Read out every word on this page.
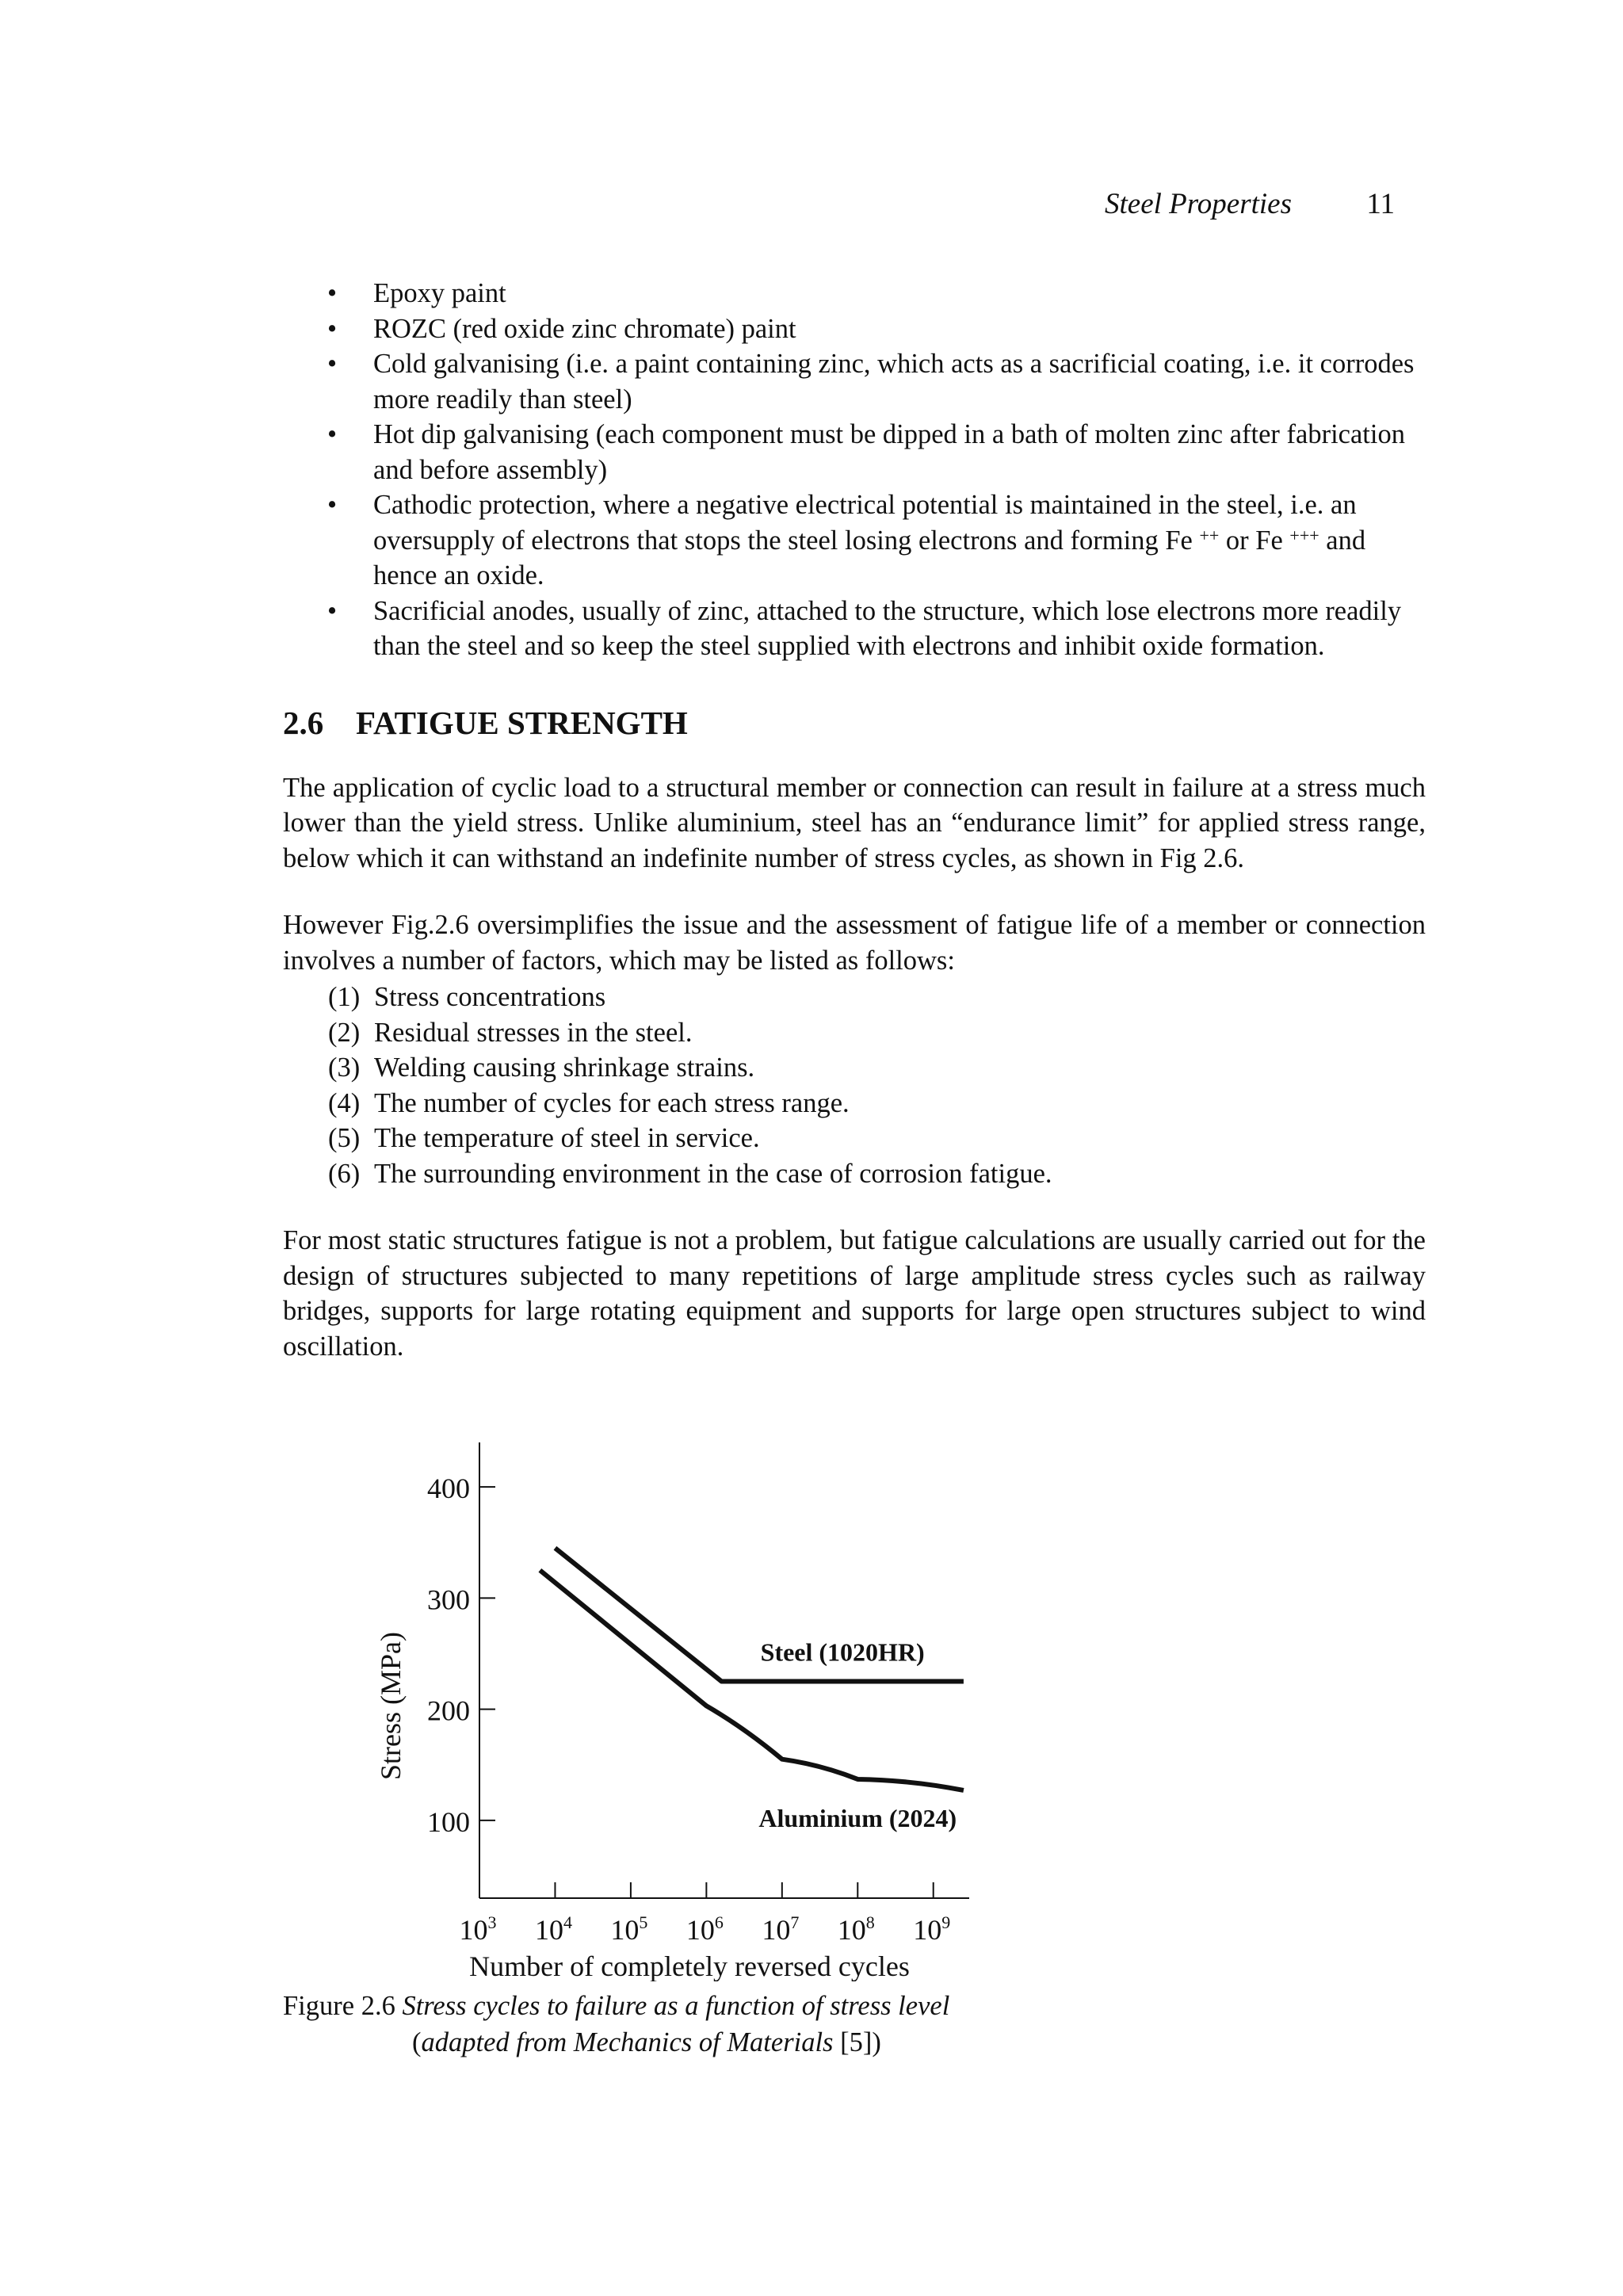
Steel Properties	11
• Epoxy paint
• ROZC (red oxide zinc chromate) paint
• Cold galvanising (i.e. a paint containing zinc, which acts as a sacrificial coating, i.e. it corrodes more readily than steel)
• Hot dip galvanising (each component must be dipped in a bath of molten zinc after fabrication and before assembly)
• Cathodic protection, where a negative electrical potential is maintained in the steel, i.e. an oversupply of electrons that stops the steel losing electrons and forming Fe ++ or Fe +++ and hence an oxide.
• Sacrificial anodes, usually of zinc, attached to the structure, which lose electrons more readily than the steel and so keep the steel supplied with electrons and inhibit oxide formation.
2.6 FATIGUE STRENGTH

The application of cyclic load to a structural member or connection can result in failure at a stress much lower than the yield stress. Unlike aluminium, steel has an “endurance limit” for applied stress range, below which it can withstand an indefinite number of stress cycles, as shown in Fig 2.6.

However Fig.2.6 oversimplifies the issue and the assessment of fatigue life of a member or connection involves a number of factors, which may be listed as follows:

(1) Stress concentrations
(2) Residual stresses in the steel.
(3) Welding causing shrinkage strains.
(4) The number of cycles for each stress range.
(5) The temperature of steel in service.
(6) The surrounding environment in the case of corrosion fatigue.

For most static structures fatigue is not a problem, but fatigue calculations are usually carried out for the design of structures subjected to many repetitions of large amplitude stress cycles such as railway bridges, supports for large rotating equipment and supports for large open structures subject to wind oscillation.

400
300
200
100
$10^3$ $10^4$ $10^5$ $10^6$ $10^7$ $10^8$ $10^9$
Steel (1020HR)
Aluminium (2024)
Stress (MPa)
Number of completely reversed cycles
Figure 2.6 Stress cycles to failure as a function of stress level
(adapted from Mechanics of Materials [5])
